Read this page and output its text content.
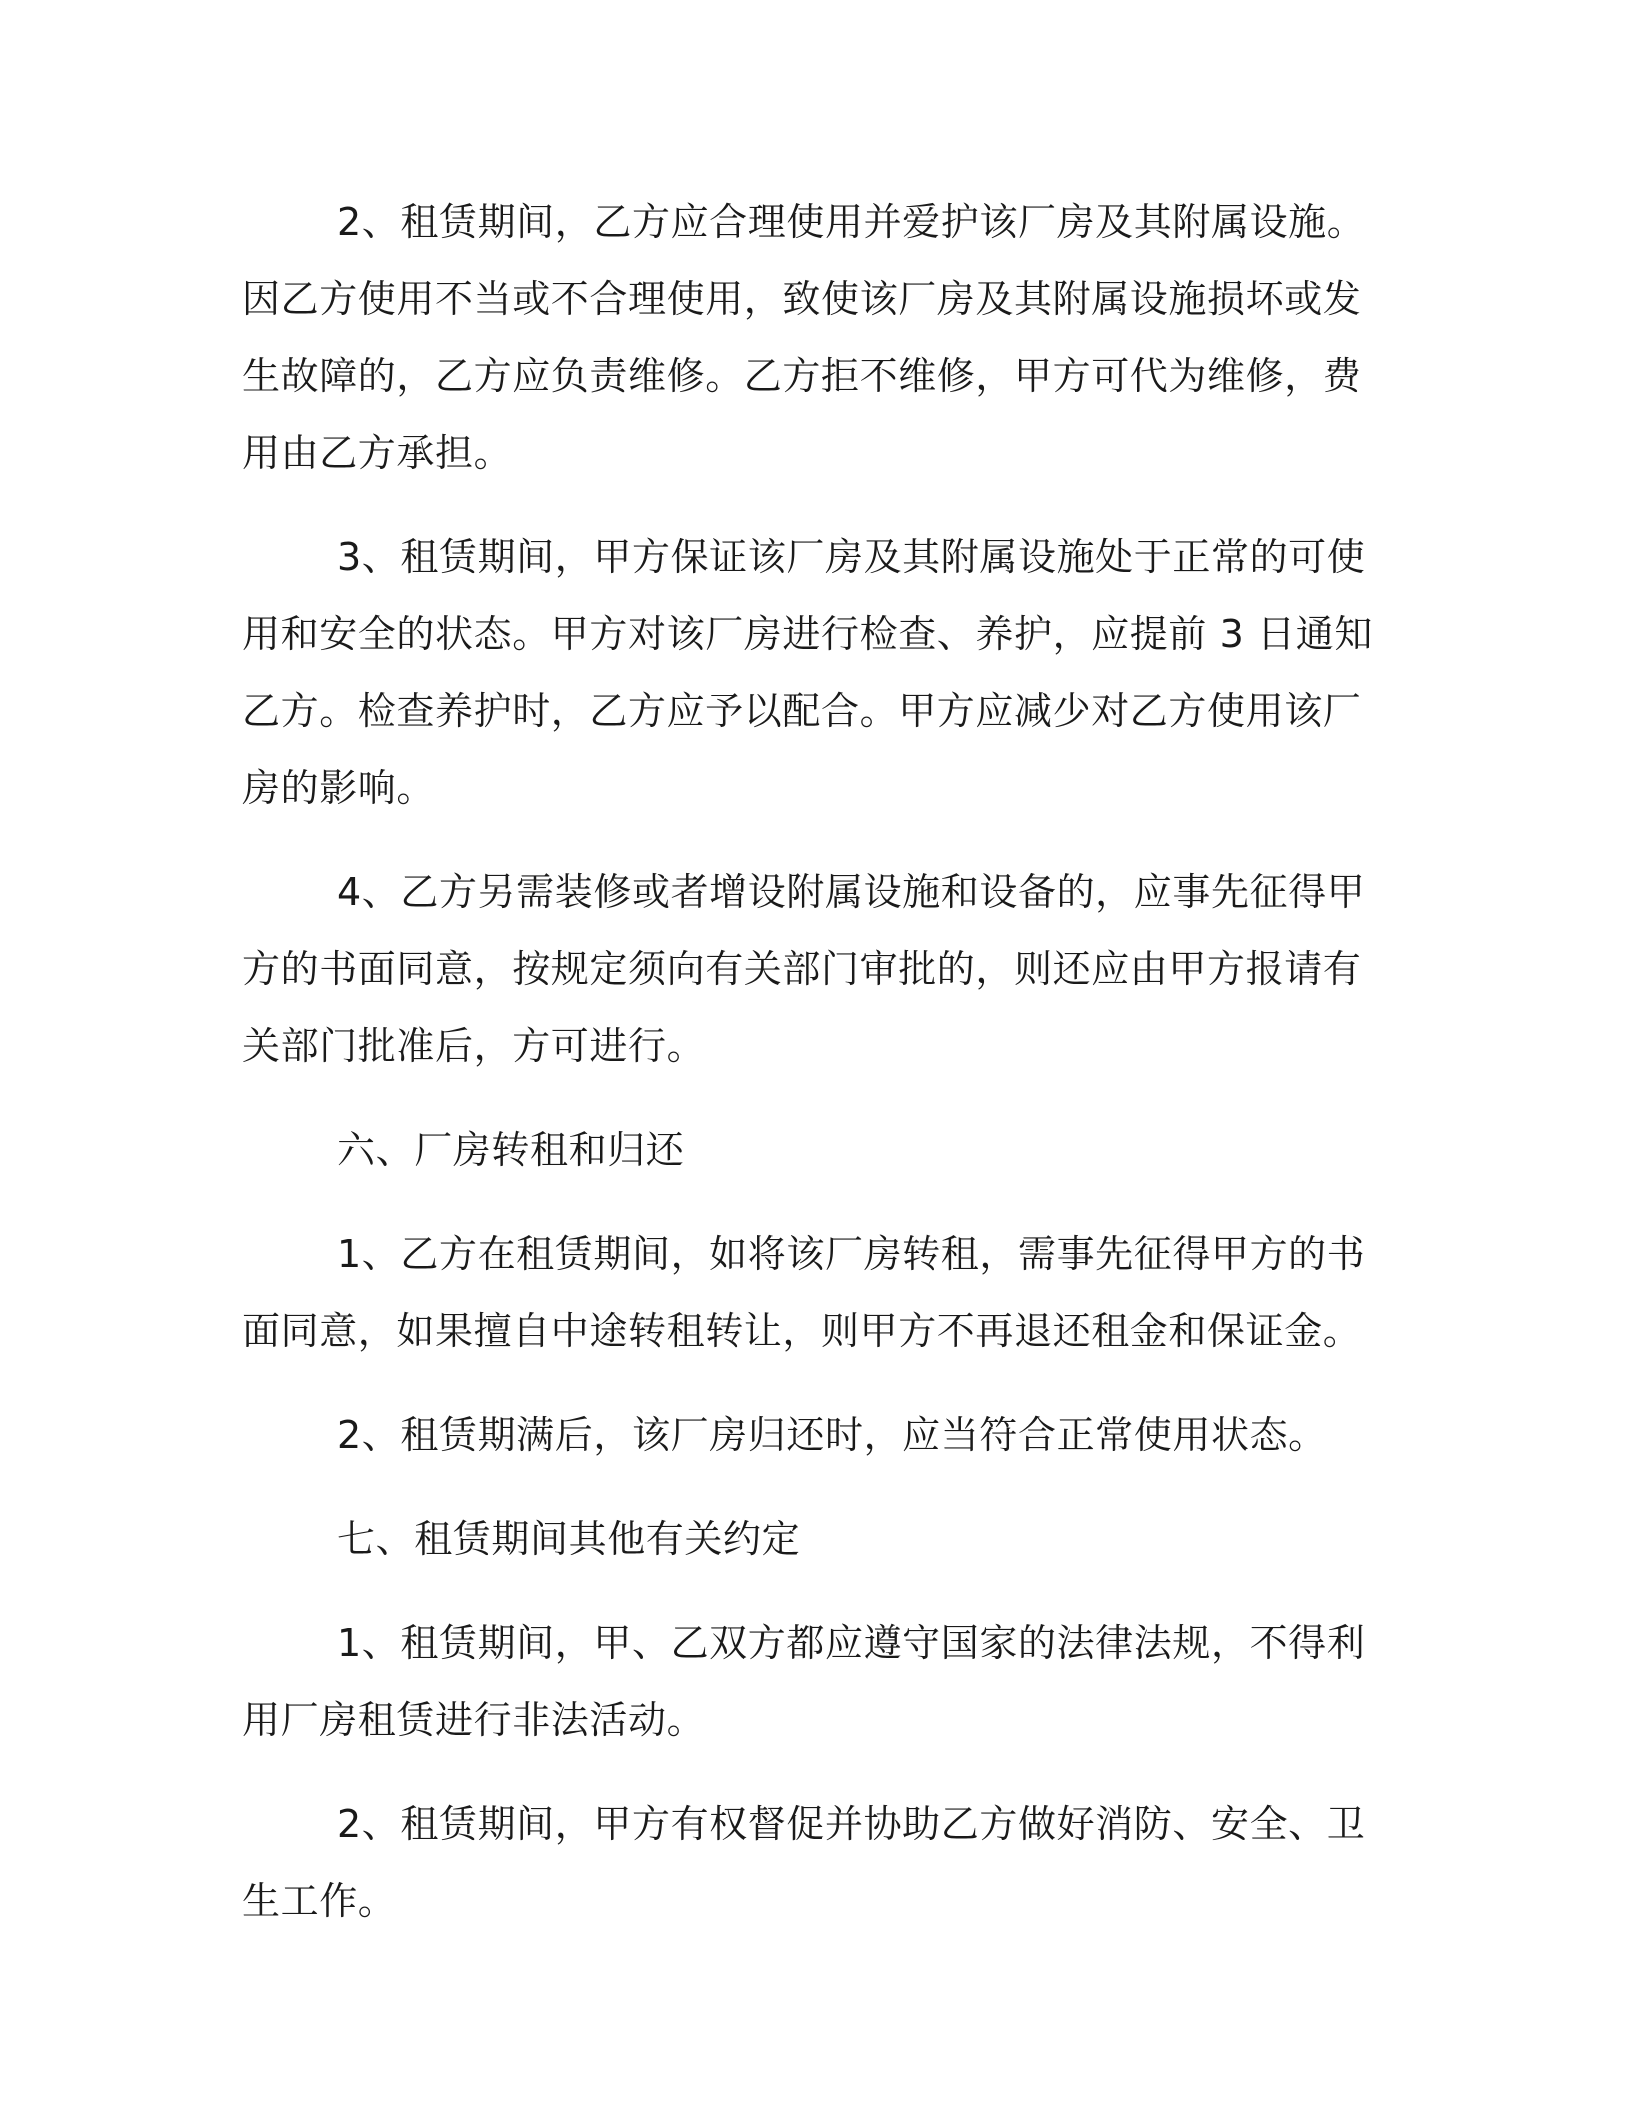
2、租赁期间，乙方应合理使用并爱护该厂房及其附属设施。因乙方使用不当或不合理使用，致使该厂房及其附属设施损坏或发生故障的，乙方应负责维修。乙方拒不维修，甲方可代为维修，费用由乙方承担。

3、租赁期间，甲方保证该厂房及其附属设施处于正常的可使用和安全的状态。甲方对该厂房进行检查、养护，应提前 3 日通知乙方。检查养护时，乙方应予以配合。甲方应减少对乙方使用该厂房的影响。

4、乙方另需装修或者增设附属设施和设备的，应事先征得甲方的书面同意，按规定须向有关部门审批的，则还应由甲方报请有关部门批准后，方可进行。

六、厂房转租和归还

1、乙方在租赁期间，如将该厂房转租，需事先征得甲方的书面同意，如果擅自中途转租转让，则甲方不再退还租金和保证金。

2、租赁期满后，该厂房归还时，应当符合正常使用状态。

七、租赁期间其他有关约定

1、租赁期间，甲、乙双方都应遵守国家的法律法规，不得利用厂房租赁进行非法活动。

2、租赁期间，甲方有权督促并协助乙方做好消防、安全、卫生工作。
